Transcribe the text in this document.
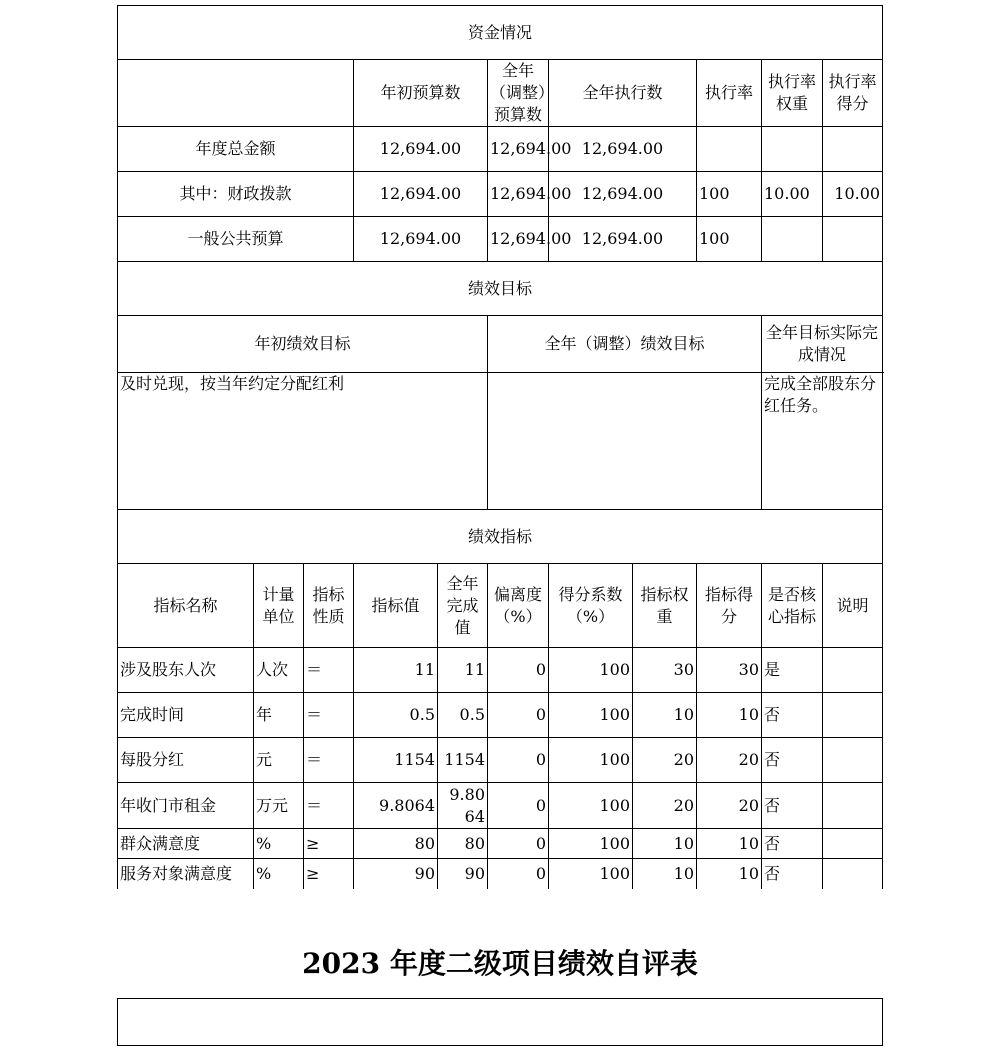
资金情况										
			年初预算数		全年（调整）预算数	全年执行数		执行率	执行率权重	执行率得分
年度总金额			12,694.00		12,694.00	12,694.00				
其中：财政拨款			12,694.00		12,694.00	12,694.00		100	10.00	10.00
一般公共预算			12,694.00		12,694.00	12,694.00		100		
绩效目标										
年初绩效目标					全年（调整）绩效目标				全年目标实际完成情况	
及时兑现，按当年约定分配红利									完成全部股东分红任务。	
绩效指标										
指标名称	计量单位	指标性质	指标值	全年完成值	偏离度（%）	得分系数（%）	指标权重	指标得分	是否核心指标	说明
涉及股东人次	人次	＝	11	11	0	100	30	30	是	
完成时间	年	＝	0.5	0.5	0	100	10	10	否	
每股分红	元	＝	1154	1154	0	100	20	20	否	
年收门市租金	万元	＝	9.8064	9.8064	0	100	20	20	否	
群众满意度	%	≥	80	80	0	100	10	10	否	
服务对象满意度	%	≥	90	90	0	100	10	10	否	
2023 年度二级项目绩效自评表
